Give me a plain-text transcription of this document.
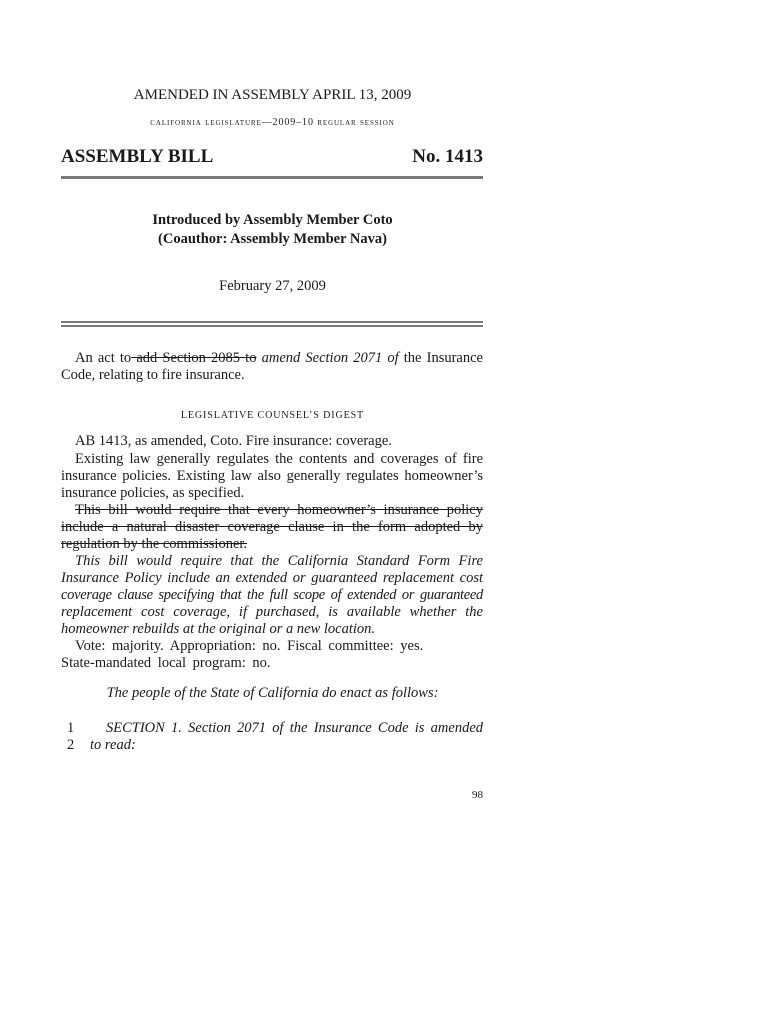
AMENDED IN ASSEMBLY APRIL 13, 2009
california legislature—2009–10 regular session
ASSEMBLY BILL	No. 1413
Introduced by Assembly Member Coto
(Coauthor: Assembly Member Nava)
February 27, 2009
An act to add Section 2085 to amend Section 2071 of the Insurance
Code, relating to fire insurance.
LEGISLATIVE COUNSEL’S DIGEST
AB 1413, as amended, Coto. Fire insurance: coverage.
Existing law generally regulates the contents and coverages of fire
insurance policies. Existing law also generally regulates homeowner’s
insurance policies, as specified.
This bill would require that every homeowner’s insurance policy
include a natural disaster coverage clause in the form adopted by
regulation by the commissioner.
This bill would require that the California Standard Form Fire
Insurance Policy include an extended or guaranteed replacement cost
coverage clause specifying that the full scope of extended or guaranteed
replacement cost coverage, if purchased, is available whether the
homeowner rebuilds at the original or a new location.
Vote: majority. Appropriation: no. Fiscal committee: yes.
State-mandated local program: no.
The people of the State of California do enact as follows:
1	SECTION 1. Section 2071 of the Insurance Code is amended
2 to read:
98
